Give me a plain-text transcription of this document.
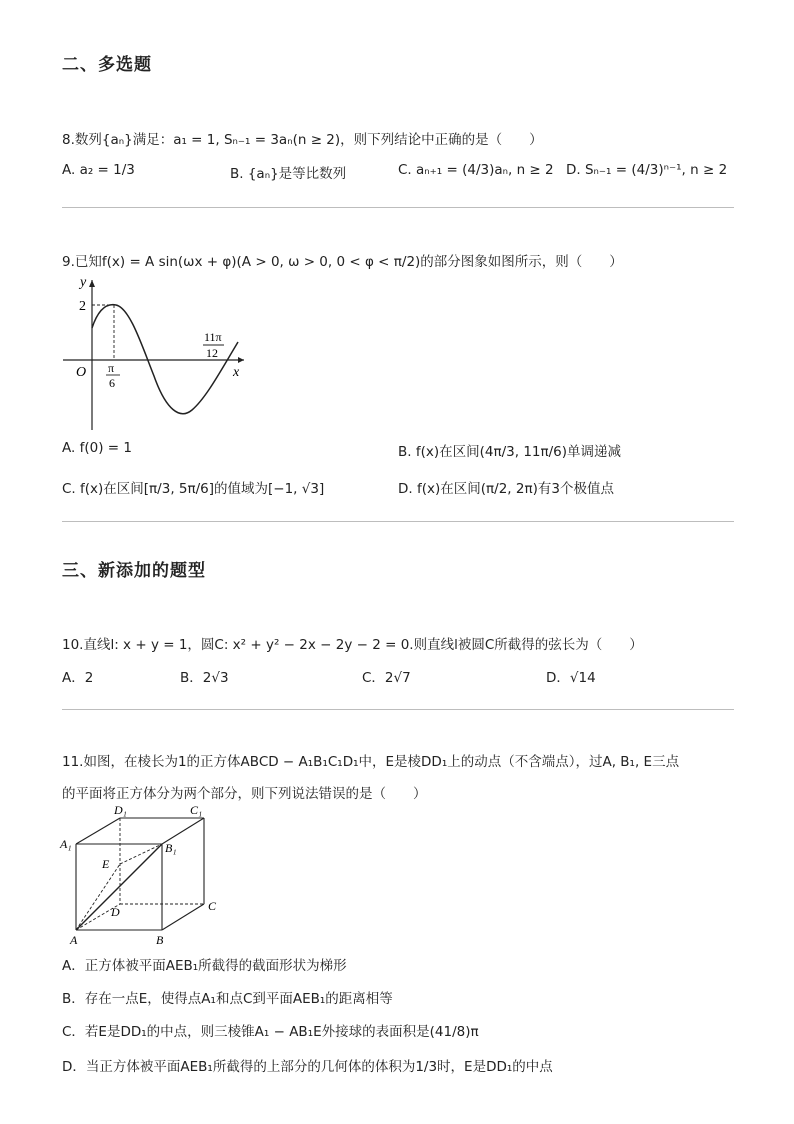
二、多选题
8.数列{aₙ}满足：a₁ = 1, Sₙ₋₁ = 3aₙ(n ≥ 2)，则下列结论中正确的是（　　）
A. a₂ = 1/3	B. {aₙ}是等比数列	C. aₙ₊₁ = (4/3)aₙ, n ≥ 2 D. Sₙ₋₁ = (4/3)ⁿ⁻¹, n ≥ 2
9.已知f(x) = A sin(ωx + φ)(A > 0, ω > 0, 0 < φ < π/2)的部分图象如图所示，则（　　）
y
x
O
2
π
6
11π
12
A. f(0) = 1	B. f(x)在区间(4π/3, 11π/6)单调递减
C. f(x)在区间[π/3, 5π/6]的值域为[−1, √3]	D. f(x)在区间(π/2, 2π)有3个极值点
三、新添加的题型
10.直线l: x + y = 1，圆C: x² + y² − 2x − 2y − 2 = 0.则直线l被圆C所截得的弦长为（　　）
A．2	B．2√3	C．2√7	D．√14
11.如图，在棱长为1的正方体ABCD − A₁B₁C₁D₁中，E是棱DD₁上的动点（不含端点），过A, B₁, E三点
的平面将正方体分为两个部分，则下列说法错误的是（　　）
D₁	C₁
A₁	B₁
E
D	C
A	B
A．正方体被平面AEB₁所截得的截面形状为梯形
B．存在一点E，使得点A₁和点C到平面AEB₁的距离相等
C．若E是DD₁的中点，则三棱锥A₁ − AB₁E外接球的表面积是(41/8)π
D．当正方体被平面AEB₁所截得的上部分的几何体的体积为1/3时，E是DD₁的中点
